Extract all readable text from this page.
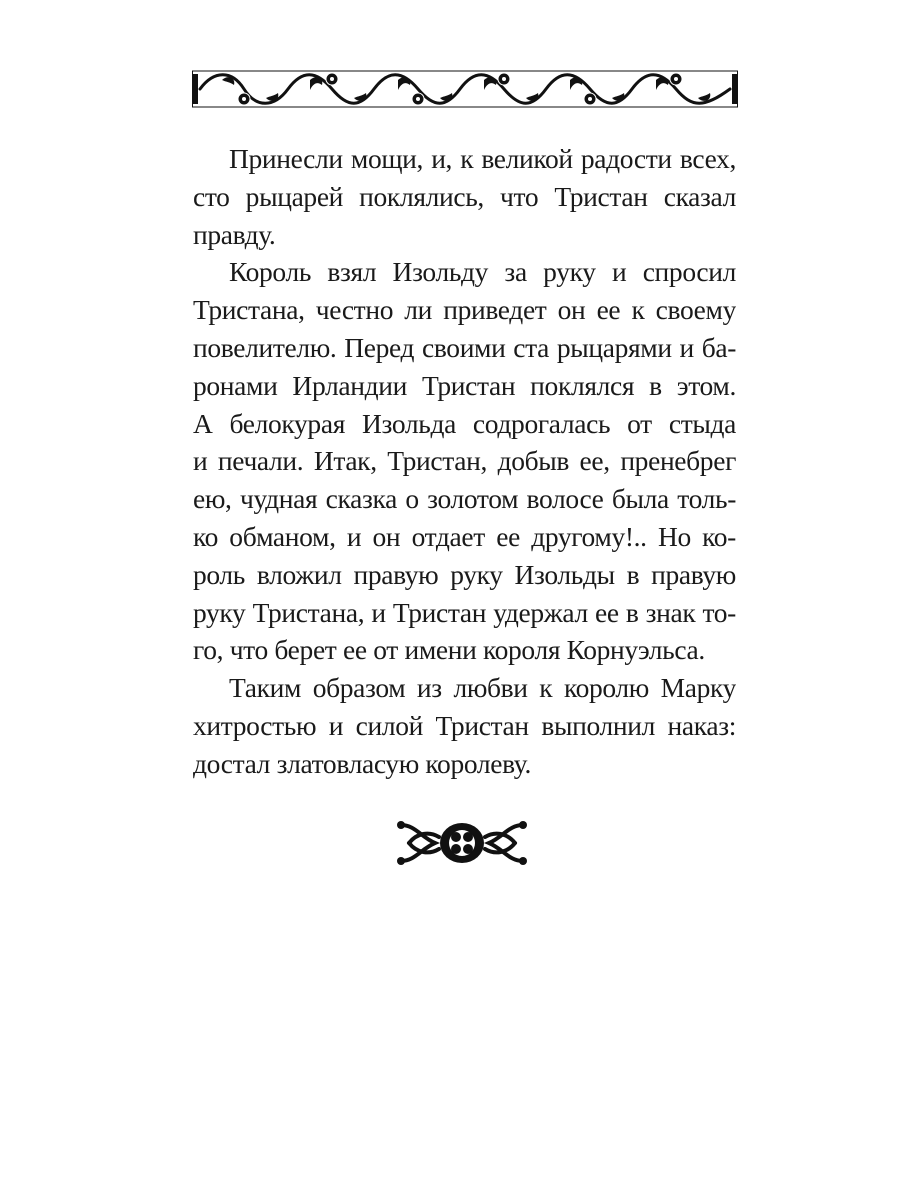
Принесли мощи, и, к великой радости всех,
сто рыцарей поклялись, что Тристан сказал
правду.
Король взял Изольду за руку и спросил
Тристана, честно ли приведет он ее к своему
повелителю. Перед своими ста рыцарями и ба-
ронами Ирландии Тристан поклялся в этом.
А белокурая Изольда содрогалась от стыда
и печали. Итак, Тристан, добыв ее, пренебрег
ею, чудная сказка о золотом волосе была толь-
ко обманом, и он отдает ее другому!.. Но ко-
роль вложил правую руку Изольды в правую
руку Тристана, и Тристан удержал ее в знак то-
го, что берет ее от имени короля Корнуэльса.
Таким образом из любви к королю Марку
хитростью и силой Тристан выполнил наказ:
достал златовласую королеву.
